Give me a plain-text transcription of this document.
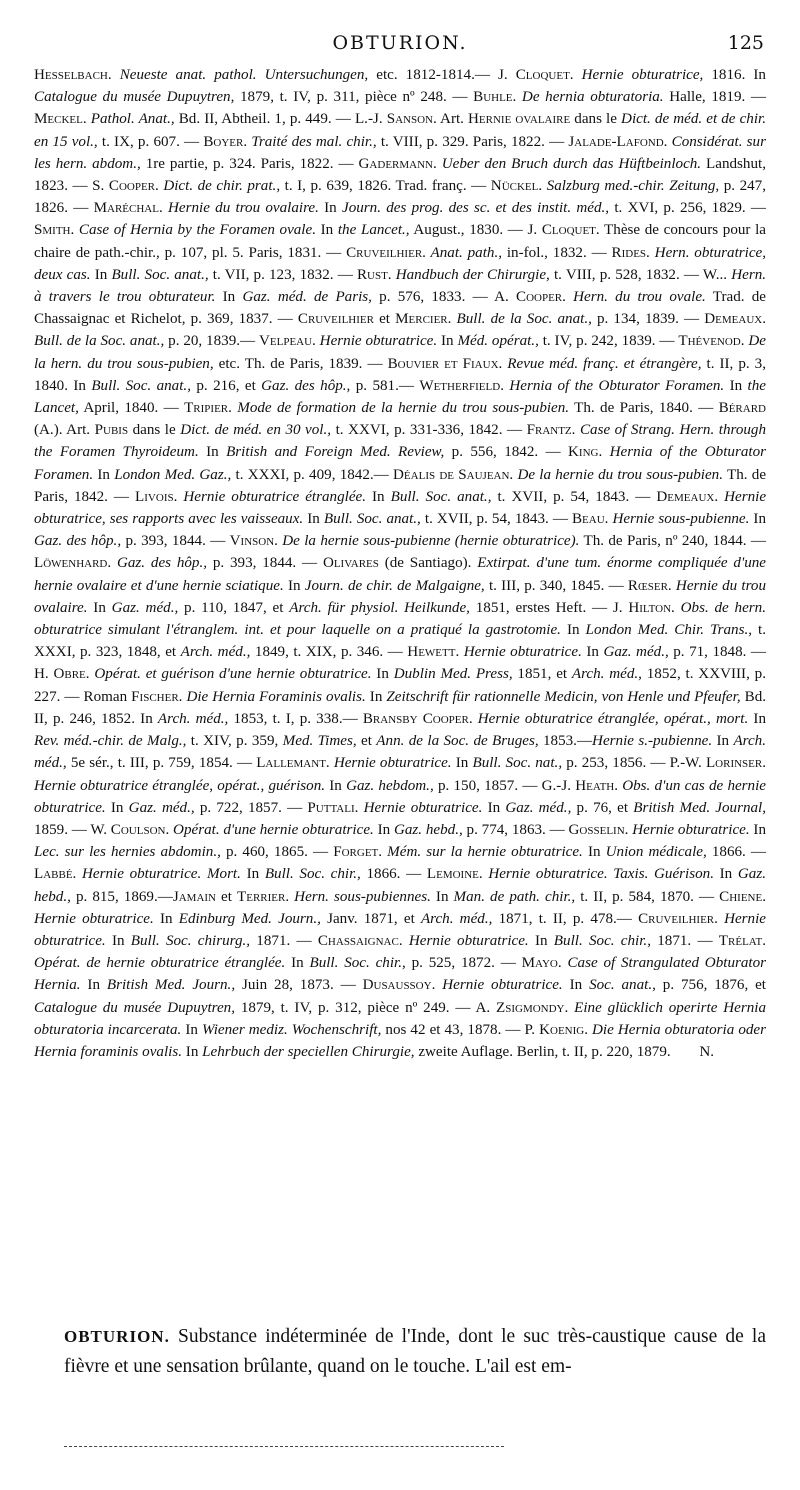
OBTURION.	125
Hesselbach. Neueste anat. pathol. Untersuchungen, etc. 1812-1814.— J. Cloquet. Hernie obturatrice, 1816. In Catalogue du musée Dupuytren, 1879, t. IV, p. 311, pièce nº 248. — Buhle. De hernia obturatoria. Halle, 1819. — Meckel. Pathol. Anat., Bd. II, Abtheil. 1, p. 449. — L.-J. Sanson. Art. Hernie ovalaire dans le Dict. de méd. et de chir. en 15 vol., t. IX, p. 607. — Boyer. Traité des mal. chir., t. VIII, p. 329. Paris, 1822. — Jalade-Lafond. Considérat. sur les hern. abdom., 1re partie, p. 324. Paris, 1822. — Gadermann. Ueber den Bruch durch das Hüftbeinloch. Landshut, 1823. — S. Cooper. Dict. de chir. prat., t. I, p. 639, 1826. Trad. franç. — Nückel. Salzburg med.-chir. Zeitung, p. 247, 1826. — Maréchal. Hernie du trou ovalaire. In Journ. des prog. des sc. et des instit. méd., t. XVI, p. 256, 1829. — Smith. Case of Hernia by the Foramen ovale. In the Lancet., August., 1830. — J. Cloquet. Thèse de concours pour la chaire de path.-chir., p. 107, pl. 5. Paris, 1831. — Cruveilhier. Anat. path., in-fol., 1832. — Rides. Hern. obturatrice, deux cas. In Bull. Soc. anat., t. VII, p. 123, 1832. — Rust. Handbuch der Chirurgie, t. VIII, p. 528, 1832. — W... Hern. à travers le trou obturateur. In Gaz. méd. de Paris, p. 576, 1833. — A. Cooper. Hern. du trou ovale. Trad. de Chassaignac et Richelot, p. 369, 1837. — Cruveilhier et Mercier. Bull. de la Soc. anat., p. 134, 1839. — Demeaux. Bull. de la Soc. anat., p. 20, 1839.— Velpeau. Hernie obturatrice. In Méd. opérat., t. IV, p. 242, 1839. — Thévenod. De la hern. du trou sous-pubien, etc. Th. de Paris, 1839. — Bouvier et Fiaux. Revue méd. franç. et étrangère, t. II, p. 3, 1840. In Bull. Soc. anat., p. 216, et Gaz. des hôp., p. 581.— Wetherfield. Hernia of the Obturator Foramen. In the Lancet, April, 1840. — Tripier. Mode de formation de la hernie du trou sous-pubien. Th. de Paris, 1840. — Bérard (A.). Art. Pubis dans le Dict. de méd. en 30 vol., t. XXVI, p. 331-336, 1842. — Frantz. Case of Strang. Hern. through the Foramen Thyroideum. In British and Foreign Med. Review, p. 556, 1842. — King. Hernia of the Obturator Foramen. In London Med. Gaz., t. XXXI, p. 409, 1842.— Déalis de Saujean. De la hernie du trou sous-pubien. Th. de Paris, 1842. — Livois. Hernie obturatrice étranglée. In Bull. Soc. anat., t. XVII, p. 54, 1843. — Demeaux. Hernie obturatrice, ses rapports avec les vaisseaux. In Bull. Soc. anat., t. XVII, p. 54, 1843. — Beau. Hernie sous-pubienne. In Gaz. des hôp., p. 393, 1844. — Vinson. De la hernie sous-pubienne (hernie obturatrice). Th. de Paris, nº 240, 1844. — Löwenhard. Gaz. des hôp., p. 393, 1844. — Olivares (de Santiago). Extirpat. d'une tum. énorme compliquée d'une hernie ovalaire et d'une hernie sciatique. In Journ. de chir. de Malgaigne, t. III, p. 340, 1845. — Rœser. Hernie du trou ovalaire. In Gaz. méd., p. 110, 1847, et Arch. für physiol. Heilkunde, 1851, erstes Heft. — J. Hilton. Obs. de hern. obturatrice simulant l'étranglem. int. et pour laquelle on a pratiqué la gastrotomie. In London Med. Chir. Trans., t. XXXI, p. 323, 1848, et Arch. méd., 1849, t. XIX, p. 346. — Hewett. Hernie obturatrice. In Gaz. méd., p. 71, 1848. — H. Obre. Opérat. et guérison d'une hernie obturatrice. In Dublin Med. Press, 1851, et Arch. méd., 1852, t. XXVIII, p. 227. — Roman Fischer. Die Hernia Foraminis ovalis. In Zeitschrift für rationnelle Medicin, von Henle und Pfeufer, Bd. II, p. 246, 1852. In Arch. méd., 1853, t. I, p. 338.— Bransby Cooper. Hernie obturatrice étranglée, opérat., mort. In Rev. méd.-chir. de Malg., t. XIV, p. 359, Med. Times, et Ann. de la Soc. de Bruges, 1853.—Hernie s.-pubienne. In Arch. méd., 5e sér., t. III, p. 759, 1854. — Lallemant. Hernie obturatrice. In Bull. Soc. nat., p. 253, 1856. — P.-W. Lorinser. Hernie obturatrice étranglée, opérat., guérison. In Gaz. hebdom., p. 150, 1857. — G.-J. Heath. Obs. d'un cas de hernie obturatrice. In Gaz. méd., p. 722, 1857. — Puttali. Hernie obturatrice. In Gaz. méd., p. 76, et British Med. Journal, 1859. — W. Coulson. Opérat. d'une hernie obturatrice. In Gaz. hebd., p. 774, 1863. — Gosselin. Hernie obturatrice. In Lec. sur les hernies abdomin., p. 460, 1865. — Forget. Mém. sur la hernie obturatrice. In Union médicale, 1866. — Labbé. Hernie obturatrice. Mort. In Bull. Soc. chir., 1866. — Lemoine. Hernie obturatrice. Taxis. Guérison. In Gaz. hebd., p. 815, 1869.—Jamain et Terrier. Hern. sous-pubiennes. In Man. de path. chir., t. II, p. 584, 1870. — Chiene. Hernie obturatrice. In Edinburg Med. Journ., Janv. 1871, et Arch. méd., 1871, t. II, p. 478.— Cruveilhier. Hernie obturatrice. In Bull. Soc. chirurg., 1871. — Chassaignac. Hernie obturatrice. In Bull. Soc. chir., 1871. — Trélat. Opérat. de hernie obturatrice étranglée. In Bull. Soc. chir., p. 525, 1872. — Mayo. Case of Strangulated Obturator Hernia. In British Med. Journ., Juin 28, 1873. — Dusaussoy. Hernie obturatrice. In Soc. anat., p. 756, 1876, et Catalogue du musée Dupuytren, 1879, t. IV, p. 312, pièce nº 249. — A. Zsigmondy. Eine glücklich operirte Hernia obturatoria incarcerata. In Wiener mediz. Wochenschrift, nos 42 et 43, 1878. — P. Koenig. Die Hernia obturatoria oder Hernia foraminis ovalis. In Lehrbuch der speciellen Chirurgie, zweite Auflage. Berlin, t. II, p. 220, 1879.	N.
OBTURION. Substance indéterminée de l'Inde, dont le suc très-caustique cause de la fièvre et une sensation brûlante, quand on le touche. L'ail est em-
